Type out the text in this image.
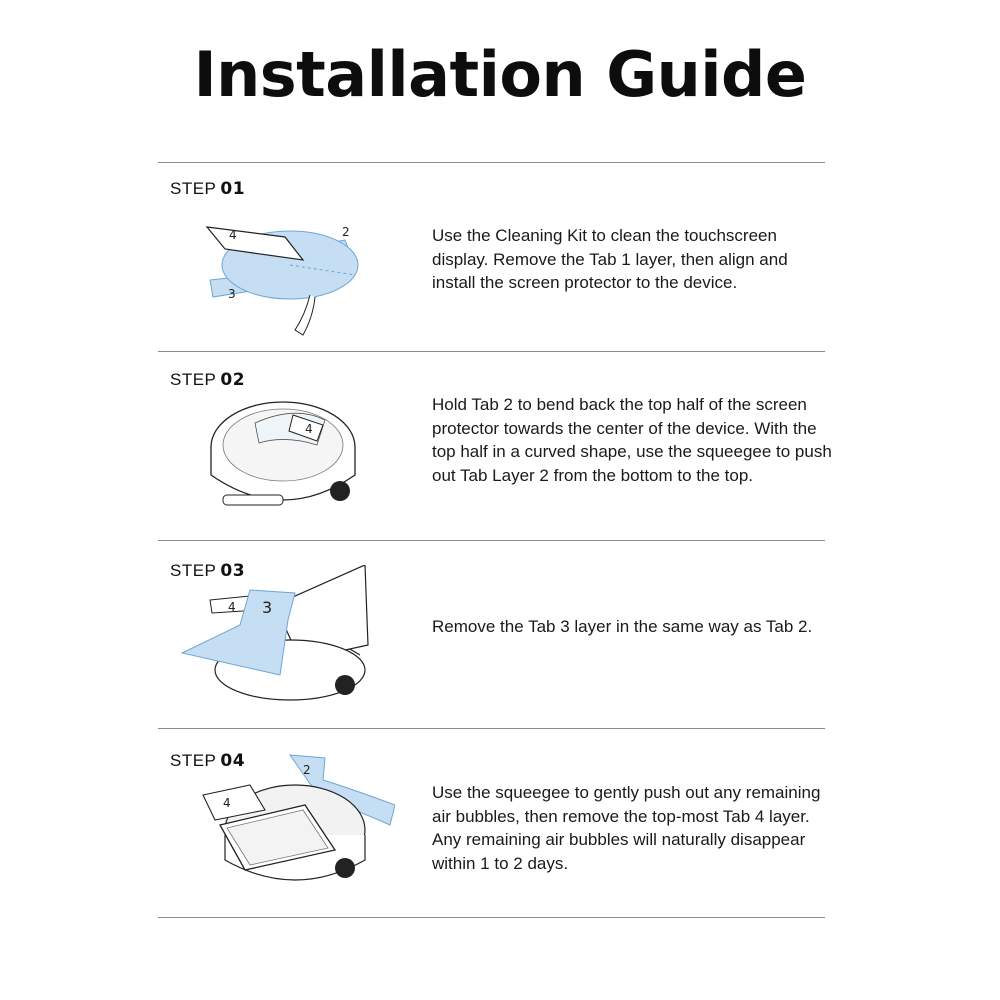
Installation Guide
STEP 01
Use the Cleaning Kit to clean the touchscreen display. Remove the Tab 1 layer, then align and install the screen protector to the device.
4	2
3
STEP 02
Hold Tab 2 to bend back the top half of the screen protector towards the center of the device. With the top half in a curved shape, use the squeegee to push out Tab Layer 2 from the bottom to the top.
4
STEP 03
Remove the Tab 3 layer in the same way as Tab 2.
4 3
STEP 04
Use the squeegee to gently push out any remaining air bubbles, then remove the top-most Tab 4 layer. Any remaining air bubbles will naturally disappear within 1 to 2 days.
4
2
